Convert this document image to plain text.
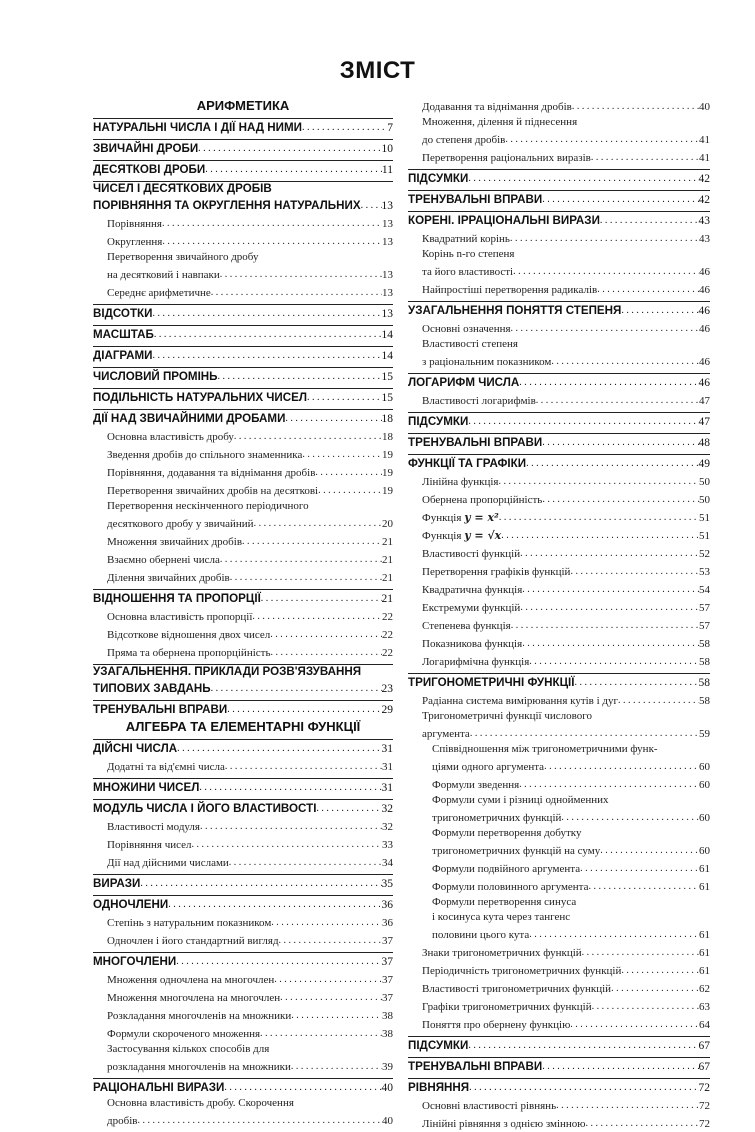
ЗМІСТ
АРИФМЕТИКА
НАТУРАЛЬНІ ЧИСЛА І ДІЇ НАД НИМИ . . .	7
ЗВИЧАЙНІ ДРОБИ . . .	10
ДЕСЯТКОВІ ДРОБИ . . .	11
ЧИСЕЛ І ДЕСЯТКОВИХ ДРОБІВ
ПОРІВНЯННЯ ТА ОКРУГЛЕННЯ НАТУРАЛЬНИХ . . . 13
Порівняння . . .	13
Округлення . . .	13
Перетворення звичайного дробу
на десятковий і навпаки . . .	13
Середнє арифметичне . . .	13
ВІДСОТКИ . . .	13
МАСШТАБ . . .	14
ДІАГРАМИ . . .	14
ЧИСЛОВИЙ ПРОМІНЬ . . .	15
ПОДІЛЬНІСТЬ НАТУРАЛЬНИХ ЧИСЕЛ . . .	15
ДІЇ НАД ЗВИЧАЙНИМИ ДРОБАМИ . . .	18
Основна властивість дробу . . .	18
Зведення дробів до спільного знаменника . . .	19
Порівняння, додавання та віднімання дробів . . .	19
Перетворення звичайних дробів на десяткові . . .	19
Перетворення нескінченного періодичного
десяткового дробу у звичайний . . .	20
Множення звичайних дробів . . .	21
Взаємно обернені числа . . .	21
Ділення звичайних дробів . . .	21
ВІДНОШЕННЯ ТА ПРОПОРЦІЇ . . .	21
Основна властивість пропорції . . .	22
Відсоткове відношення двох чисел . . .	22
Пряма та обернена пропорційність . . .	22
УЗАГАЛЬНЕННЯ. ПРИКЛАДИ РОЗВ'ЯЗУВАННЯ
ТИПОВИХ ЗАВДАНЬ . . .	23
ТРЕНУВАЛЬНІ ВПРАВИ . . .	29
АЛГЕБРА ТА ЕЛЕМЕНТАРНІ ФУНКЦІЇ
ДІЙСНІ ЧИСЛА . . .	31
Додатні та від'ємні числа . . .	31
МНОЖИНИ ЧИСЕЛ . . .	31
МОДУЛЬ ЧИСЛА І ЙОГО ВЛАСТИВОСТІ . . .	32
Властивості модуля . . .	32
Порівняння чисел . . .	33
Дії над дійсними числами . . .	34
ВИРАЗИ . . .	35
ОДНОЧЛЕНИ . . .	36
Степінь з натуральним показником . . .	36
Одночлен і його стандартний вигляд . . .	37
МНОГОЧЛЕНИ . . .	37
Множення одночлена на многочлен . . .	37
Множення многочлена на многочлен . . .	37
Розкладання многочленів на множники . . .	38
Формули скороченого множення . . .	38
Застосування кількох способів для
розкладання многочленів на множники . . .	39
РАЦІОНАЛЬНІ ВИРАЗИ . . .	40
Основна властивість дробу. Скорочення
дробів . . .	40
Додавання та віднімання дробів . . .	40
Множення, ділення й піднесення
до степеня дробів . . .	41
Перетворення раціональних виразів . . .	41
ПІДСУМКИ . . .	42
ТРЕНУВАЛЬНІ ВПРАВИ . . .	42
КОРЕНІ. ІРРАЦІОНАЛЬНІ ВИРАЗИ . . .	43
Квадратний корінь . . .	43
Корінь n-го степеня
та його властивості . . .	46
Найпростіші перетворення радикалів . . .	46
УЗАГАЛЬНЕННЯ ПОНЯТТЯ СТЕПЕНЯ . . .	46
Основні означення . . .	46
Властивості степеня
з раціональним показником . . .	46
ЛОГАРИФМ ЧИСЛА . . .	46
Властивості логарифмів . . .	47
ПІДСУМКИ . . .	47
ТРЕНУВАЛЬНІ ВПРАВИ . . .	48
ФУНКЦІЇ ТА ГРАФІКИ . . .	49
Лінійна функція . . .	50
Обернена пропорційність . . .	50
Функція y = x² . . .	51
Функція y = √x . . .	51
Властивості функцій . . .	52
Перетворення графіків функцій . . .	53
Квадратична функція . . .	54
Екстремуми функцій . . .	57
Степенева функція . . .	57
Показникова функція . . .	58
Логарифмічна функція . . .	58
ТРИГОНОМЕТРИЧНІ ФУНКЦІЇ . . .	58
Радіанна система вимірювання кутів і дуг . . .	58
Тригонометричні функції числового
аргумента . . .	59
Співвідношення між тригонометричними функ-
ціями одного аргумента . . .	60
Формули зведення . . .	60
Формули суми і різниці однойменних
тригонометричних функцій . . .	60
Формули перетворення добутку
тригонометричних функцій на суму . . .	60
Формули подвійного аргумента . . .	61
Формули половинного аргумента . . .	61
Формули перетворення синуса
і косинуса кута через тангенс
половини цього кута . . .	61
Знаки тригонометричних функцій . . .	61
Періодичність тригонометричних функцій . . .	61
Властивості тригонометричних функцій . . .	62
Графіки тригонометричних функцій . . .	63
Поняття про обернену функцію . . .	64
ПІДСУМКИ . . .	67
ТРЕНУВАЛЬНІ ВПРАВИ . . .	67
РІВНЯННЯ . . .	72
Основні властивості рівнянь . . .	72
Лінійні рівняння з однією змінною . . .	72
